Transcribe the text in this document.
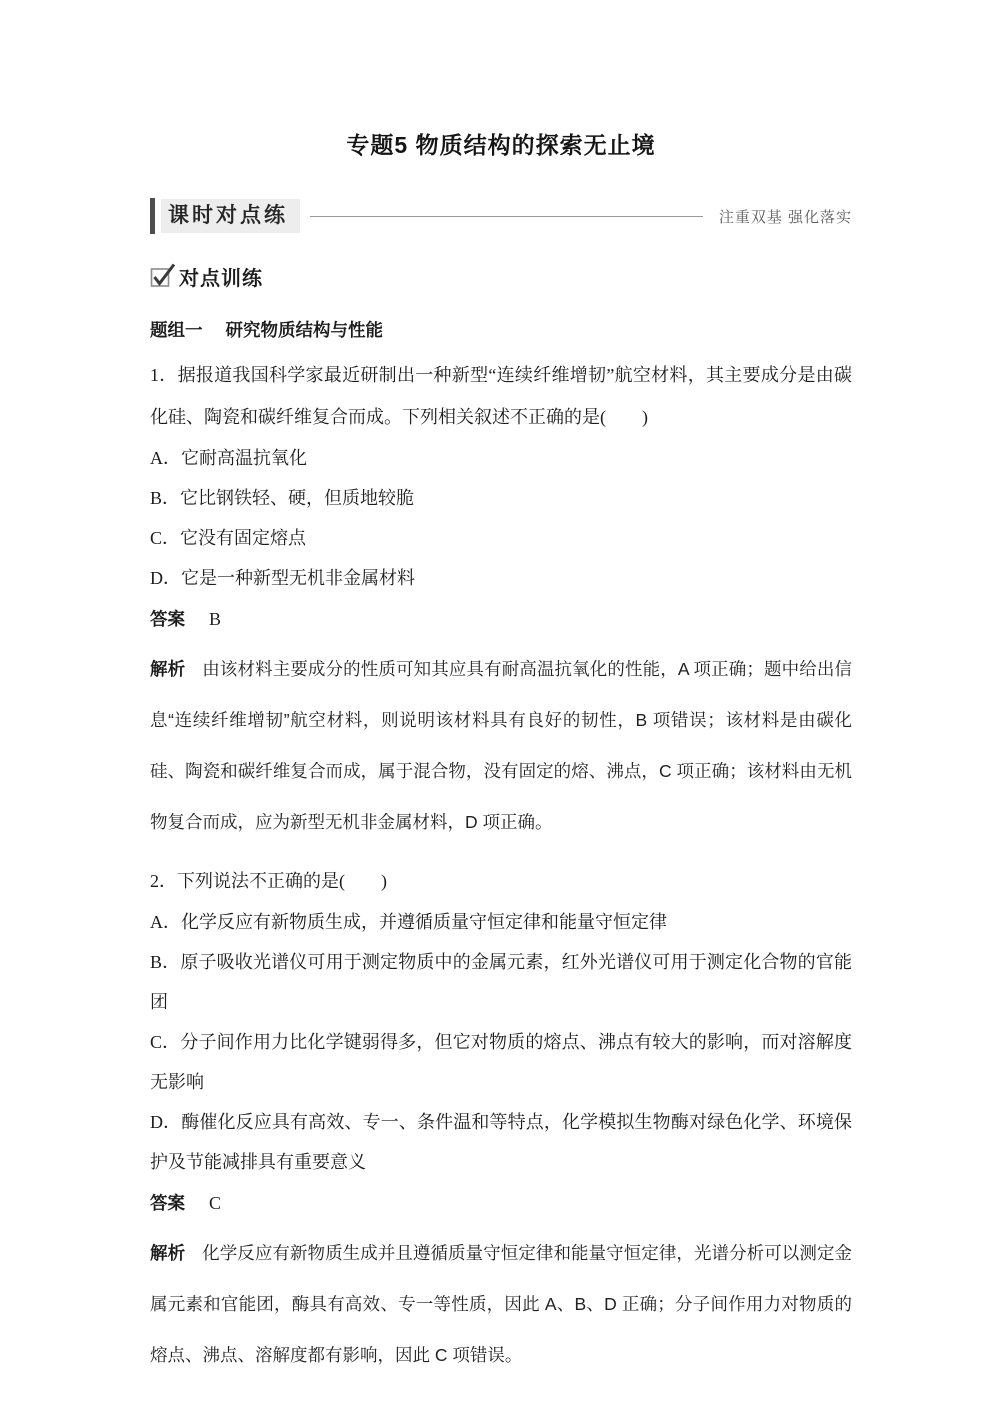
专题5 物质结构的探索无止境
课时对点练	注重双基 强化落实
对点训练
题组一 研究物质结构与性能

1．据报道我国科学家最近研制出一种新型“连续纤维增韧”航空材料，其主要成分是由碳化硅、陶瓷和碳纤维复合而成。下列相关叙述不正确的是(　　)

A．它耐高温抗氧化

B．它比钢铁轻、硬，但质地较脆

C．它没有固定熔点

D．它是一种新型无机非金属材料

答案 B

解析 由该材料主要成分的性质可知其应具有耐高温抗氧化的性能，A 项正确；题中给出信息“连续纤维增韧”航空材料，则说明该材料具有良好的韧性，B 项错误；该材料是由碳化硅、陶瓷和碳纤维复合而成，属于混合物，没有固定的熔、沸点，C 项正确；该材料由无机物复合而成，应为新型无机非金属材料，D 项正确。

2．下列说法不正确的是(　　)

A．化学反应有新物质生成，并遵循质量守恒定律和能量守恒定律

B．原子吸收光谱仪可用于测定物质中的金属元素，红外光谱仪可用于测定化合物的官能团

C．分子间作用力比化学键弱得多，但它对物质的熔点、沸点有较大的影响，而对溶解度无影响

D．酶催化反应具有高效、专一、条件温和等特点，化学模拟生物酶对绿色化学、环境保护及节能减排具有重要意义

答案 C

解析 化学反应有新物质生成并且遵循质量守恒定律和能量守恒定律，光谱分析可以测定金属元素和官能团，酶具有高效、专一等性质，因此 A、B、D 正确；分子间作用力对物质的熔点、沸点、溶解度都有影响，因此 C 项错误。
